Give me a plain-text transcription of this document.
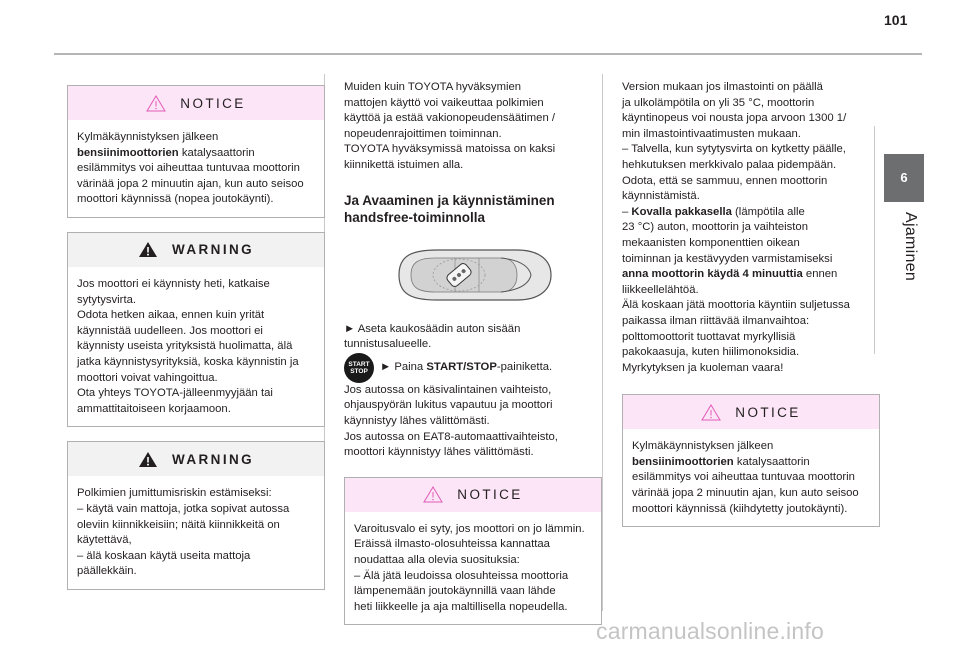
101
6
Ajaminen
NOTICE

Kylmäkäynnistyksen jälkeen

bensiinimoottorien katalysaattorin

esilämmitys voi aiheuttaa tuntuvaa moottorin

värinää jopa 2 minuutin ajan, kun auto seisoo

moottori käynnissä (nopea joutokäynti).

WARNING

Jos moottori ei käynnisty heti, katkaise

sytytysvirta.

Odota hetken aikaa, ennen kuin yrität

käynnistää uudelleen. Jos moottori ei

käynnisty useista yrityksistä huolimatta, älä

jatka käynnistysyrityksiä, koska käynnistin ja

moottori voivat vahingoittua.

Ota yhteys TOYOTA-jälleenmyyjään tai

ammattitaitoiseen korjaamoon.

WARNING

Polkimien jumittumisriskin estämiseksi:

– käytä vain mattoja, jotka sopivat autossa

oleviin kiinnikkeisiin; näitä kiinnikkeitä on

käytettävä,

– älä koskaan käytä useita mattoja

päällekkäin.

Muiden kuin TOYOTA hyväksymien

mattojen käyttö voi vaikeuttaa polkimien

käyttöä ja estää vakionopeudensäätimen /

nopeudenrajoittimen toiminnan.

TOYOTA hyväksymissä matoissa on kaksi

kiinnikettä istuimen alla.

Ja Avaaminen ja käynnistäminen
handsfree-toiminnolla

► Aseta kaukosäädin auton sisään

tunnistusalueelle.

START
STOP ► Paina START/STOP-painiketta.

Jos autossa on käsivalintainen vaihteisto,

ohjauspyörän lukitus vapautuu ja moottori

käynnistyy lähes välittömästi.

Jos autossa on EAT8-automaattivaihteisto,

moottori käynnistyy lähes välittömästi.

NOTICE

Varoitusvalo ei syty, jos moottori on jo lämmin.

Eräissä ilmasto-olosuhteissa kannattaa

noudattaa alla olevia suosituksia:

– Älä jätä leudoissa olosuhteissa moottoria

lämpenemään joutokäynnillä vaan lähde

heti liikkeelle ja aja maltillisella nopeudella.

Version mukaan jos ilmastointi on päällä

ja ulkolämpötila on yli 35 °C, moottorin

käyntinopeus voi nousta jopa arvoon 1300 1/

min ilmastointivaatimusten mukaan.

– Talvella, kun sytytysvirta on kytketty päälle,

hehkutuksen merkkivalo palaa pidempään.

Odota, että se sammuu, ennen moottorin

käynnistämistä.

– Kovalla pakkasella (lämpötila alle

23 °C) auton, moottorin ja vaihteiston

mekaanisten komponenttien oikean

toiminnan ja kestävyyden varmistamiseksi

anna moottorin käydä 4 minuuttia ennen

liikkeellelähtöä.

Älä koskaan jätä moottoria käyntiin suljetussa

paikassa ilman riittävää ilmanvaihtoa:

polttomoottorit tuottavat myrkyllisiä

pakokaasuja, kuten hiilimonoksidia.

Myrkytyksen ja kuoleman vaara!

NOTICE

Kylmäkäynnistyksen jälkeen

bensiinimoottorien katalysaattorin

esilämmitys voi aiheuttaa tuntuvaa moottorin

värinää jopa 2 minuutin ajan, kun auto seisoo

moottori käynnissä (kiihdytetty joutokäynti).

carmanualsonline.info
